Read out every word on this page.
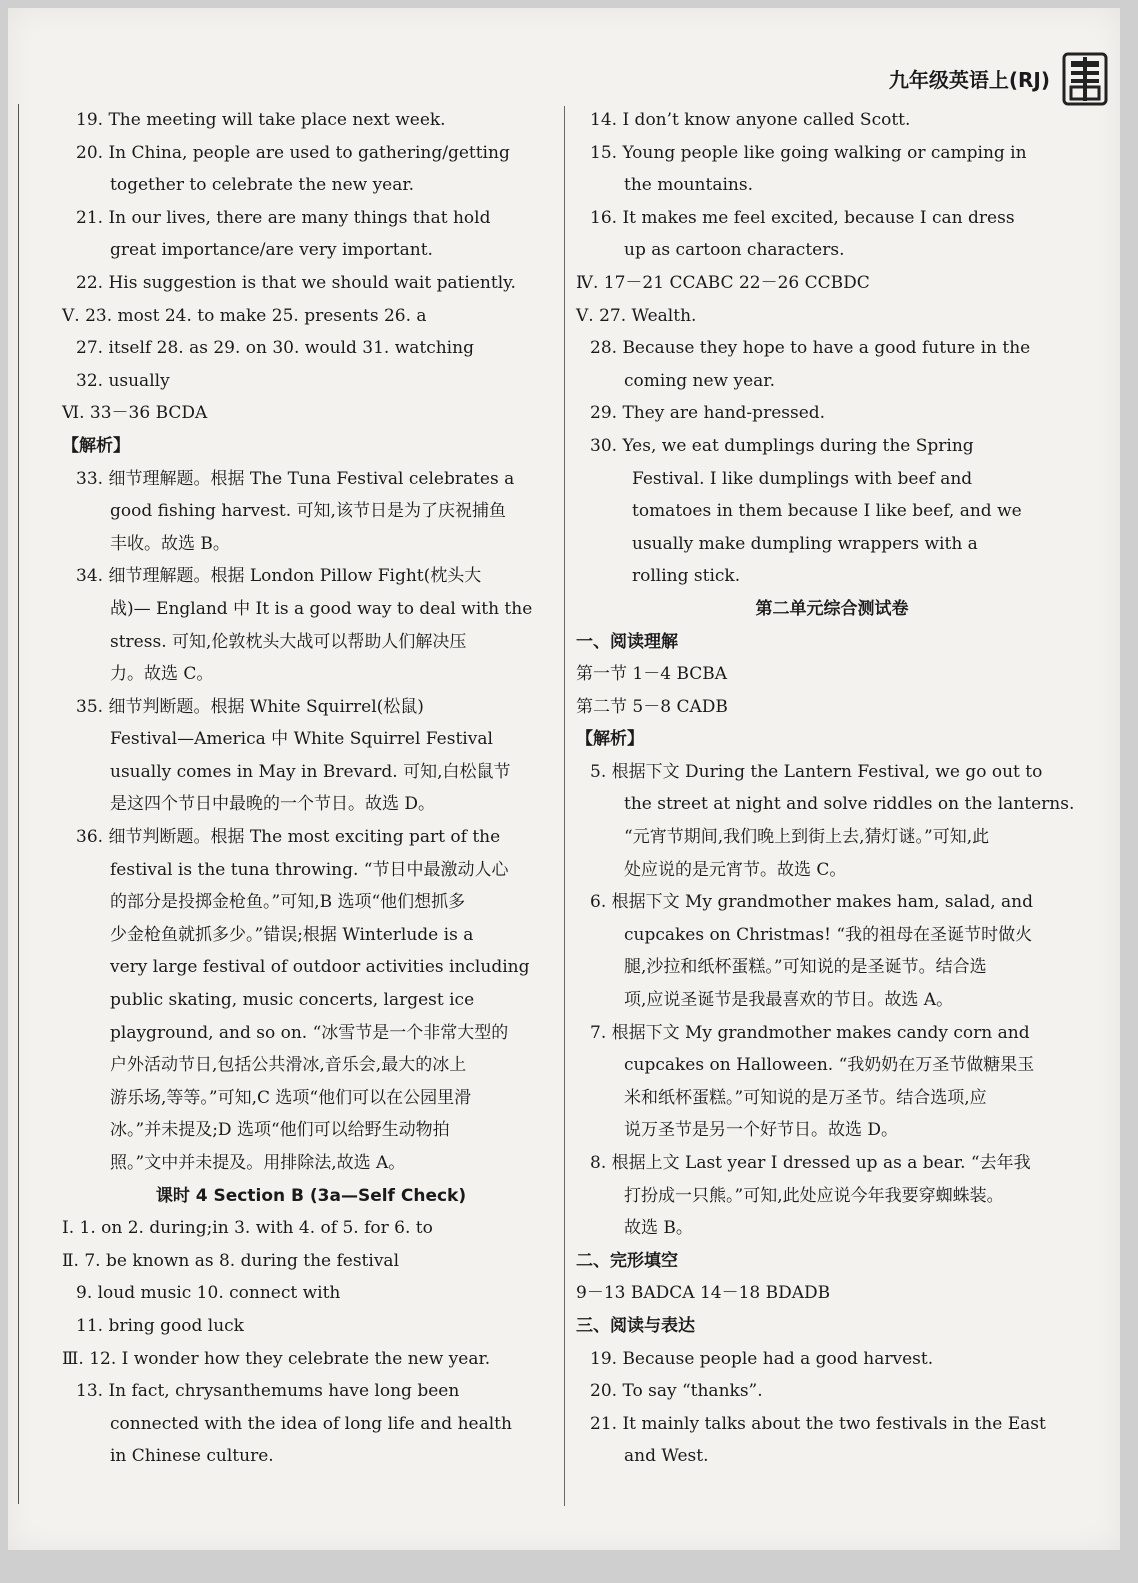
九年级英语上(RJ)
19. The meeting will take place next week.
20. In China, people are used to gathering/getting
together to celebrate the new year.
21. In our lives, there are many things that hold
great importance/are very important.
22. His suggestion is that we should wait patiently.
Ⅴ. 23. most 24. to make 25. presents 26. a
27. itself 28. as 29. on 30. would 31. watching
32. usually
Ⅵ. 33－36 BCDA
【解析】
33. 细节理解题。根据 The Tuna Festival celebrates a
good fishing harvest. 可知,该节日是为了庆祝捕鱼
丰收。故选 B。
34. 细节理解题。根据 London Pillow Fight(枕头大
战)— England 中 It is a good way to deal with the
stress. 可知,伦敦枕头大战可以帮助人们解决压
力。故选 C。
35. 细节判断题。根据 White Squirrel(松鼠)
Festival—America 中 White Squirrel Festival
usually comes in May in Brevard. 可知,白松鼠节
是这四个节日中最晚的一个节日。故选 D。
36. 细节判断题。根据 The most exciting part of the
festival is the tuna throwing. “节日中最激动人心
的部分是投掷金枪鱼。”可知,B 选项“他们想抓多
少金枪鱼就抓多少。”错误;根据 Winterlude is a
very large festival of outdoor activities including
public skating, music concerts, largest ice
playground, and so on. “冰雪节是一个非常大型的
户外活动节日,包括公共滑冰,音乐会,最大的冰上
游乐场,等等。”可知,C 选项“他们可以在公园里滑
冰。”并未提及;D 选项“他们可以给野生动物拍
照。”文中并未提及。用排除法,故选 A。
课时 4 Section B (3a—Self Check)
Ⅰ. 1. on 2. during;in 3. with 4. of 5. for 6. to
Ⅱ. 7. be known as 8. during the festival
9. loud music 10. connect with
11. bring good luck
Ⅲ. 12. I wonder how they celebrate the new year.
13. In fact, chrysanthemums have long been
connected with the idea of long life and health
in Chinese culture.
14. I don’t know anyone called Scott.
15. Young people like going walking or camping in
the mountains.
16. It makes me feel excited, because I can dress
up as cartoon characters.
Ⅳ. 17－21 CCABC 22－26 CCBDC
Ⅴ. 27. Wealth.
28. Because they hope to have a good future in the
coming new year.
29. They are hand-pressed.
30. Yes, we eat dumplings during the Spring
Festival. I like dumplings with beef and
tomatoes in them because I like beef, and we
usually make dumpling wrappers with a
rolling stick.
第二单元综合测试卷
一、阅读理解
第一节 1－4 BCBA
第二节 5－8 CADB
【解析】
5. 根据下文 During the Lantern Festival, we go out to
the street at night and solve riddles on the lanterns.
“元宵节期间,我们晚上到街上去,猜灯谜。”可知,此
处应说的是元宵节。故选 C。
6. 根据下文 My grandmother makes ham, salad, and
cupcakes on Christmas! “我的祖母在圣诞节时做火
腿,沙拉和纸杯蛋糕。”可知说的是圣诞节。结合选
项,应说圣诞节是我最喜欢的节日。故选 A。
7. 根据下文 My grandmother makes candy corn and
cupcakes on Halloween. “我奶奶在万圣节做糖果玉
米和纸杯蛋糕。”可知说的是万圣节。结合选项,应
说万圣节是另一个好节日。故选 D。
8. 根据上文 Last year I dressed up as a bear. “去年我
打扮成一只熊。”可知,此处应说今年我要穿蜘蛛装。
故选 B。
二、完形填空
9－13 BADCA 14－18 BDADB
三、阅读与表达
19. Because people had a good harvest.
20. To say “thanks”.
21. It mainly talks about the two festivals in the East
and West.
